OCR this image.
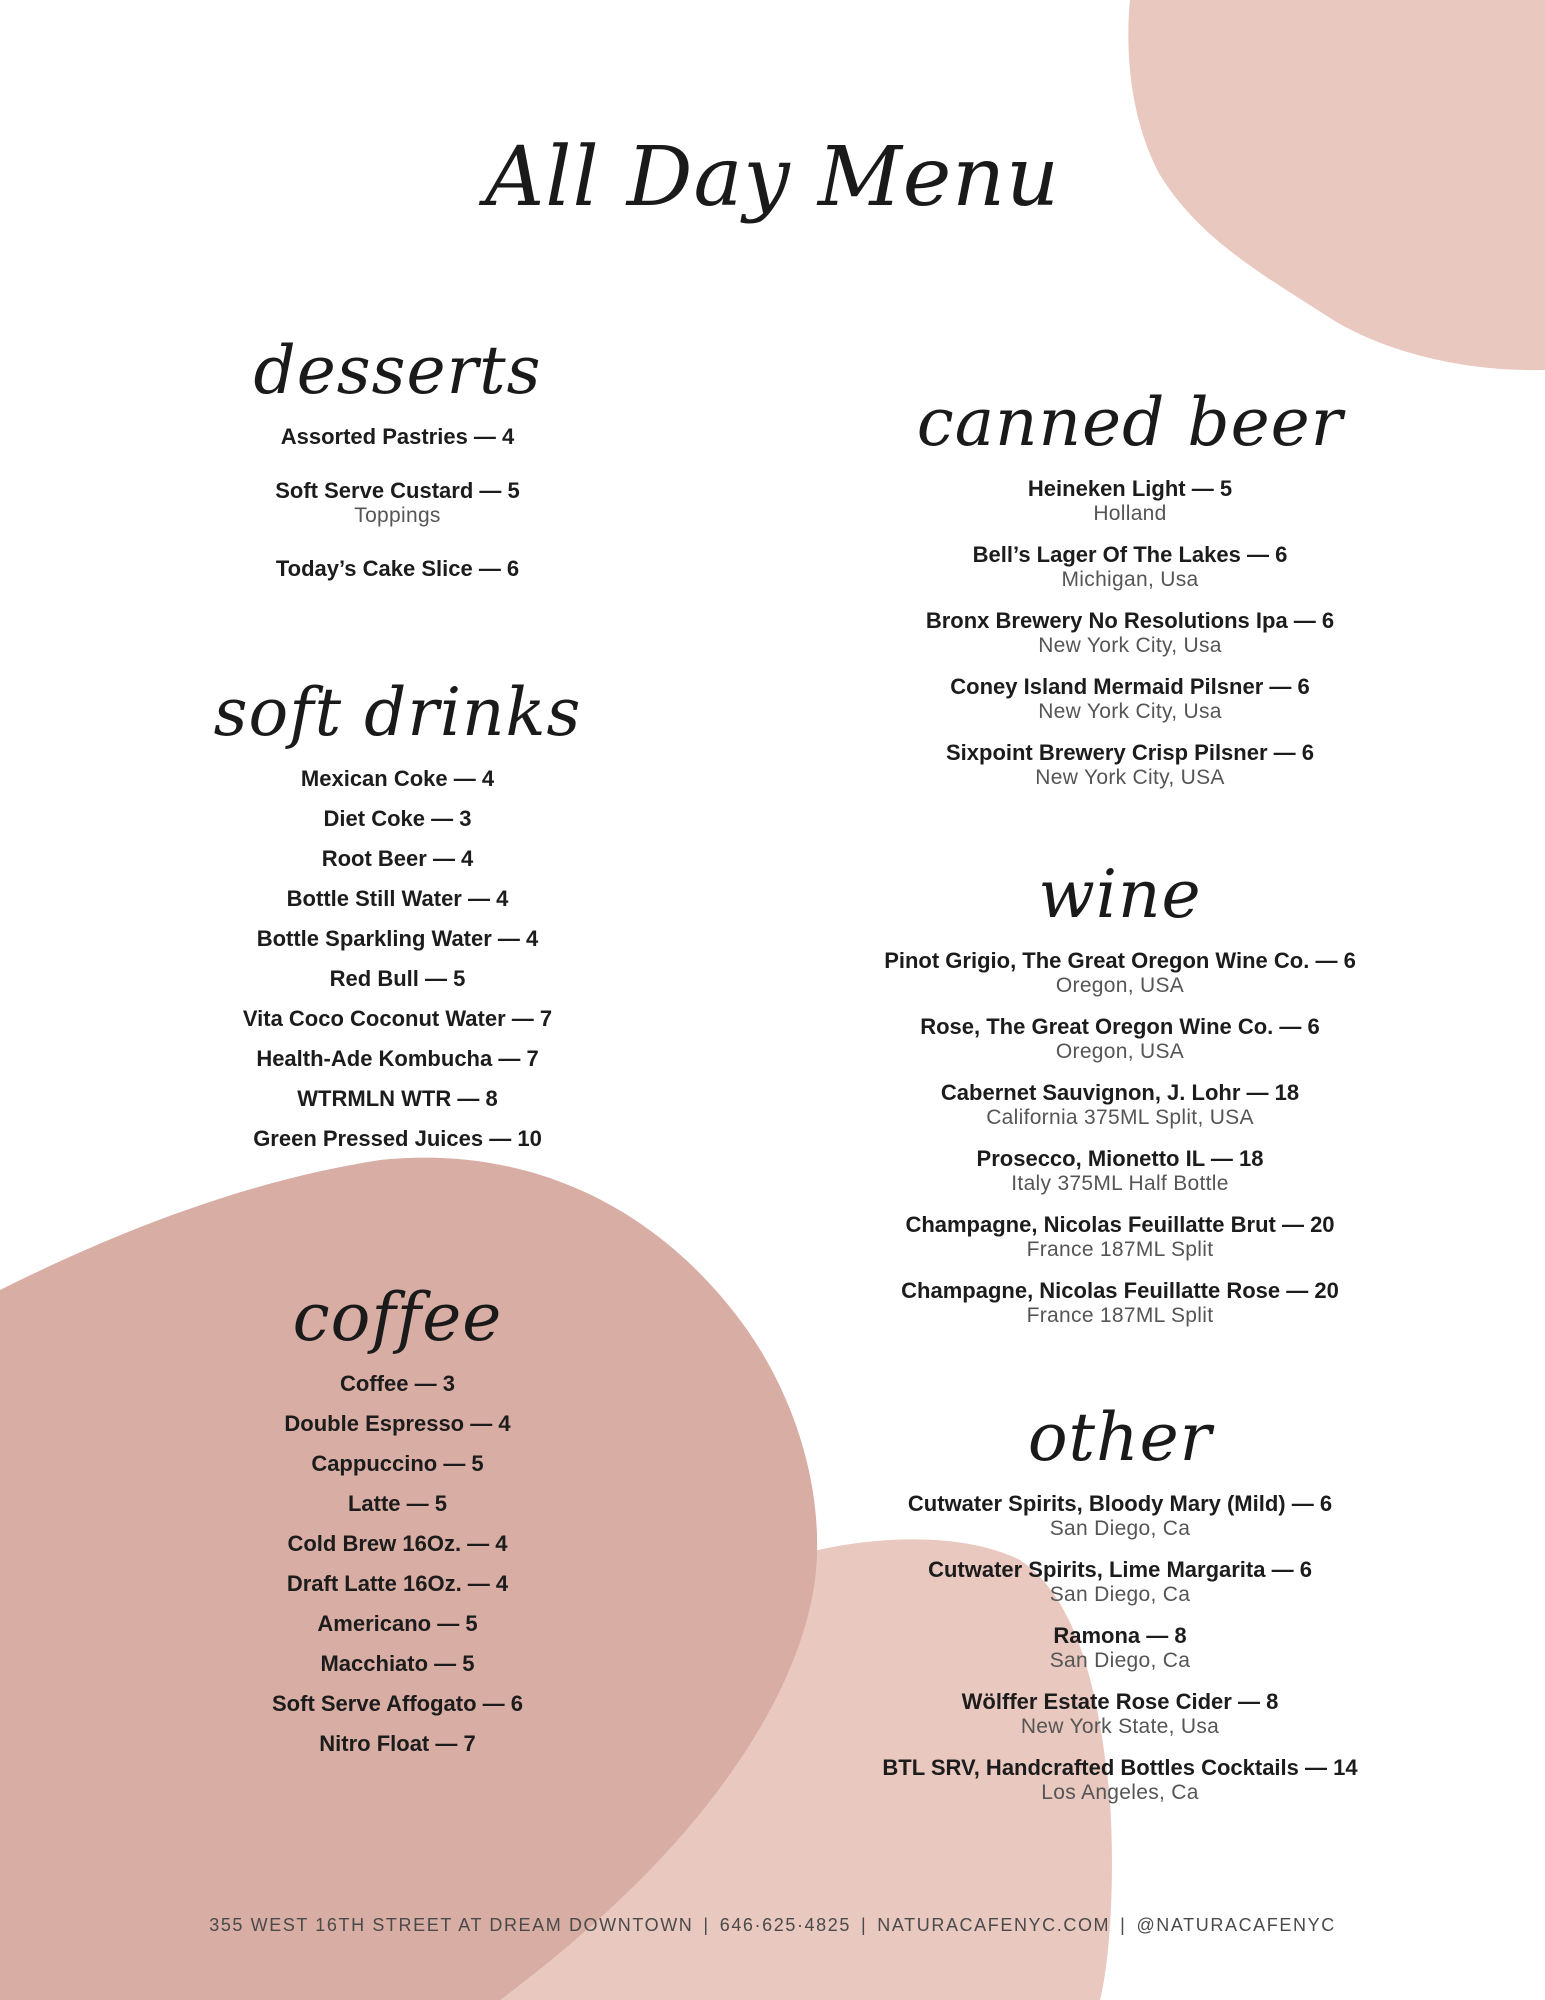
All Day Menu
desserts
Assorted Pastries — 4
Soft Serve Custard — 5
Toppings
Today’s Cake Slice — 6
soft drinks
Mexican Coke — 4
Diet Coke — 3
Root Beer — 4
Bottle Still Water — 4
Bottle Sparkling Water — 4
Red Bull — 5
Vita Coco Coconut Water — 7
Health-Ade Kombucha — 7
WTRMLN WTR — 8
Green Pressed Juices — 10
coffee
Coffee — 3
Double Espresso — 4
Cappuccino — 5
Latte — 5
Cold Brew 16Oz. — 4
Draft Latte 16Oz. — 4
Americano — 5
Macchiato — 5
Soft Serve Affogato — 6
Nitro Float — 7
canned beer
Heineken Light — 5
Holland
Bell’s Lager Of The Lakes — 6
Michigan, Usa
Bronx Brewery No Resolutions Ipa — 6
New York City, Usa
Coney Island Mermaid Pilsner — 6
New York City, Usa
Sixpoint Brewery Crisp Pilsner — 6
New York City, USA
wine
Pinot Grigio, The Great Oregon Wine Co. — 6
Oregon, USA
Rose, The Great Oregon Wine Co. — 6
Oregon, USA
Cabernet Sauvignon, J. Lohr — 18
California 375ML Split, USA
Prosecco, Mionetto IL — 18
Italy 375ML Half Bottle
Champagne, Nicolas Feuillatte Brut — 20
France 187ML Split
Champagne, Nicolas Feuillatte Rose — 20
France 187ML Split
other
Cutwater Spirits, Bloody Mary (Mild) — 6
San Diego, Ca
Cutwater Spirits, Lime Margarita — 6
San Diego, Ca
Ramona — 8
San Diego, Ca
Wölffer Estate Rose Cider — 8
New York State, Usa
BTL SRV, Handcrafted Bottles Cocktails — 14
Los Angeles, Ca
355 WEST 16TH STREET AT DREAM DOWNTOWN | 646·625·4825 | NATURACAFENYC.COM | @NATURACAFENYC
